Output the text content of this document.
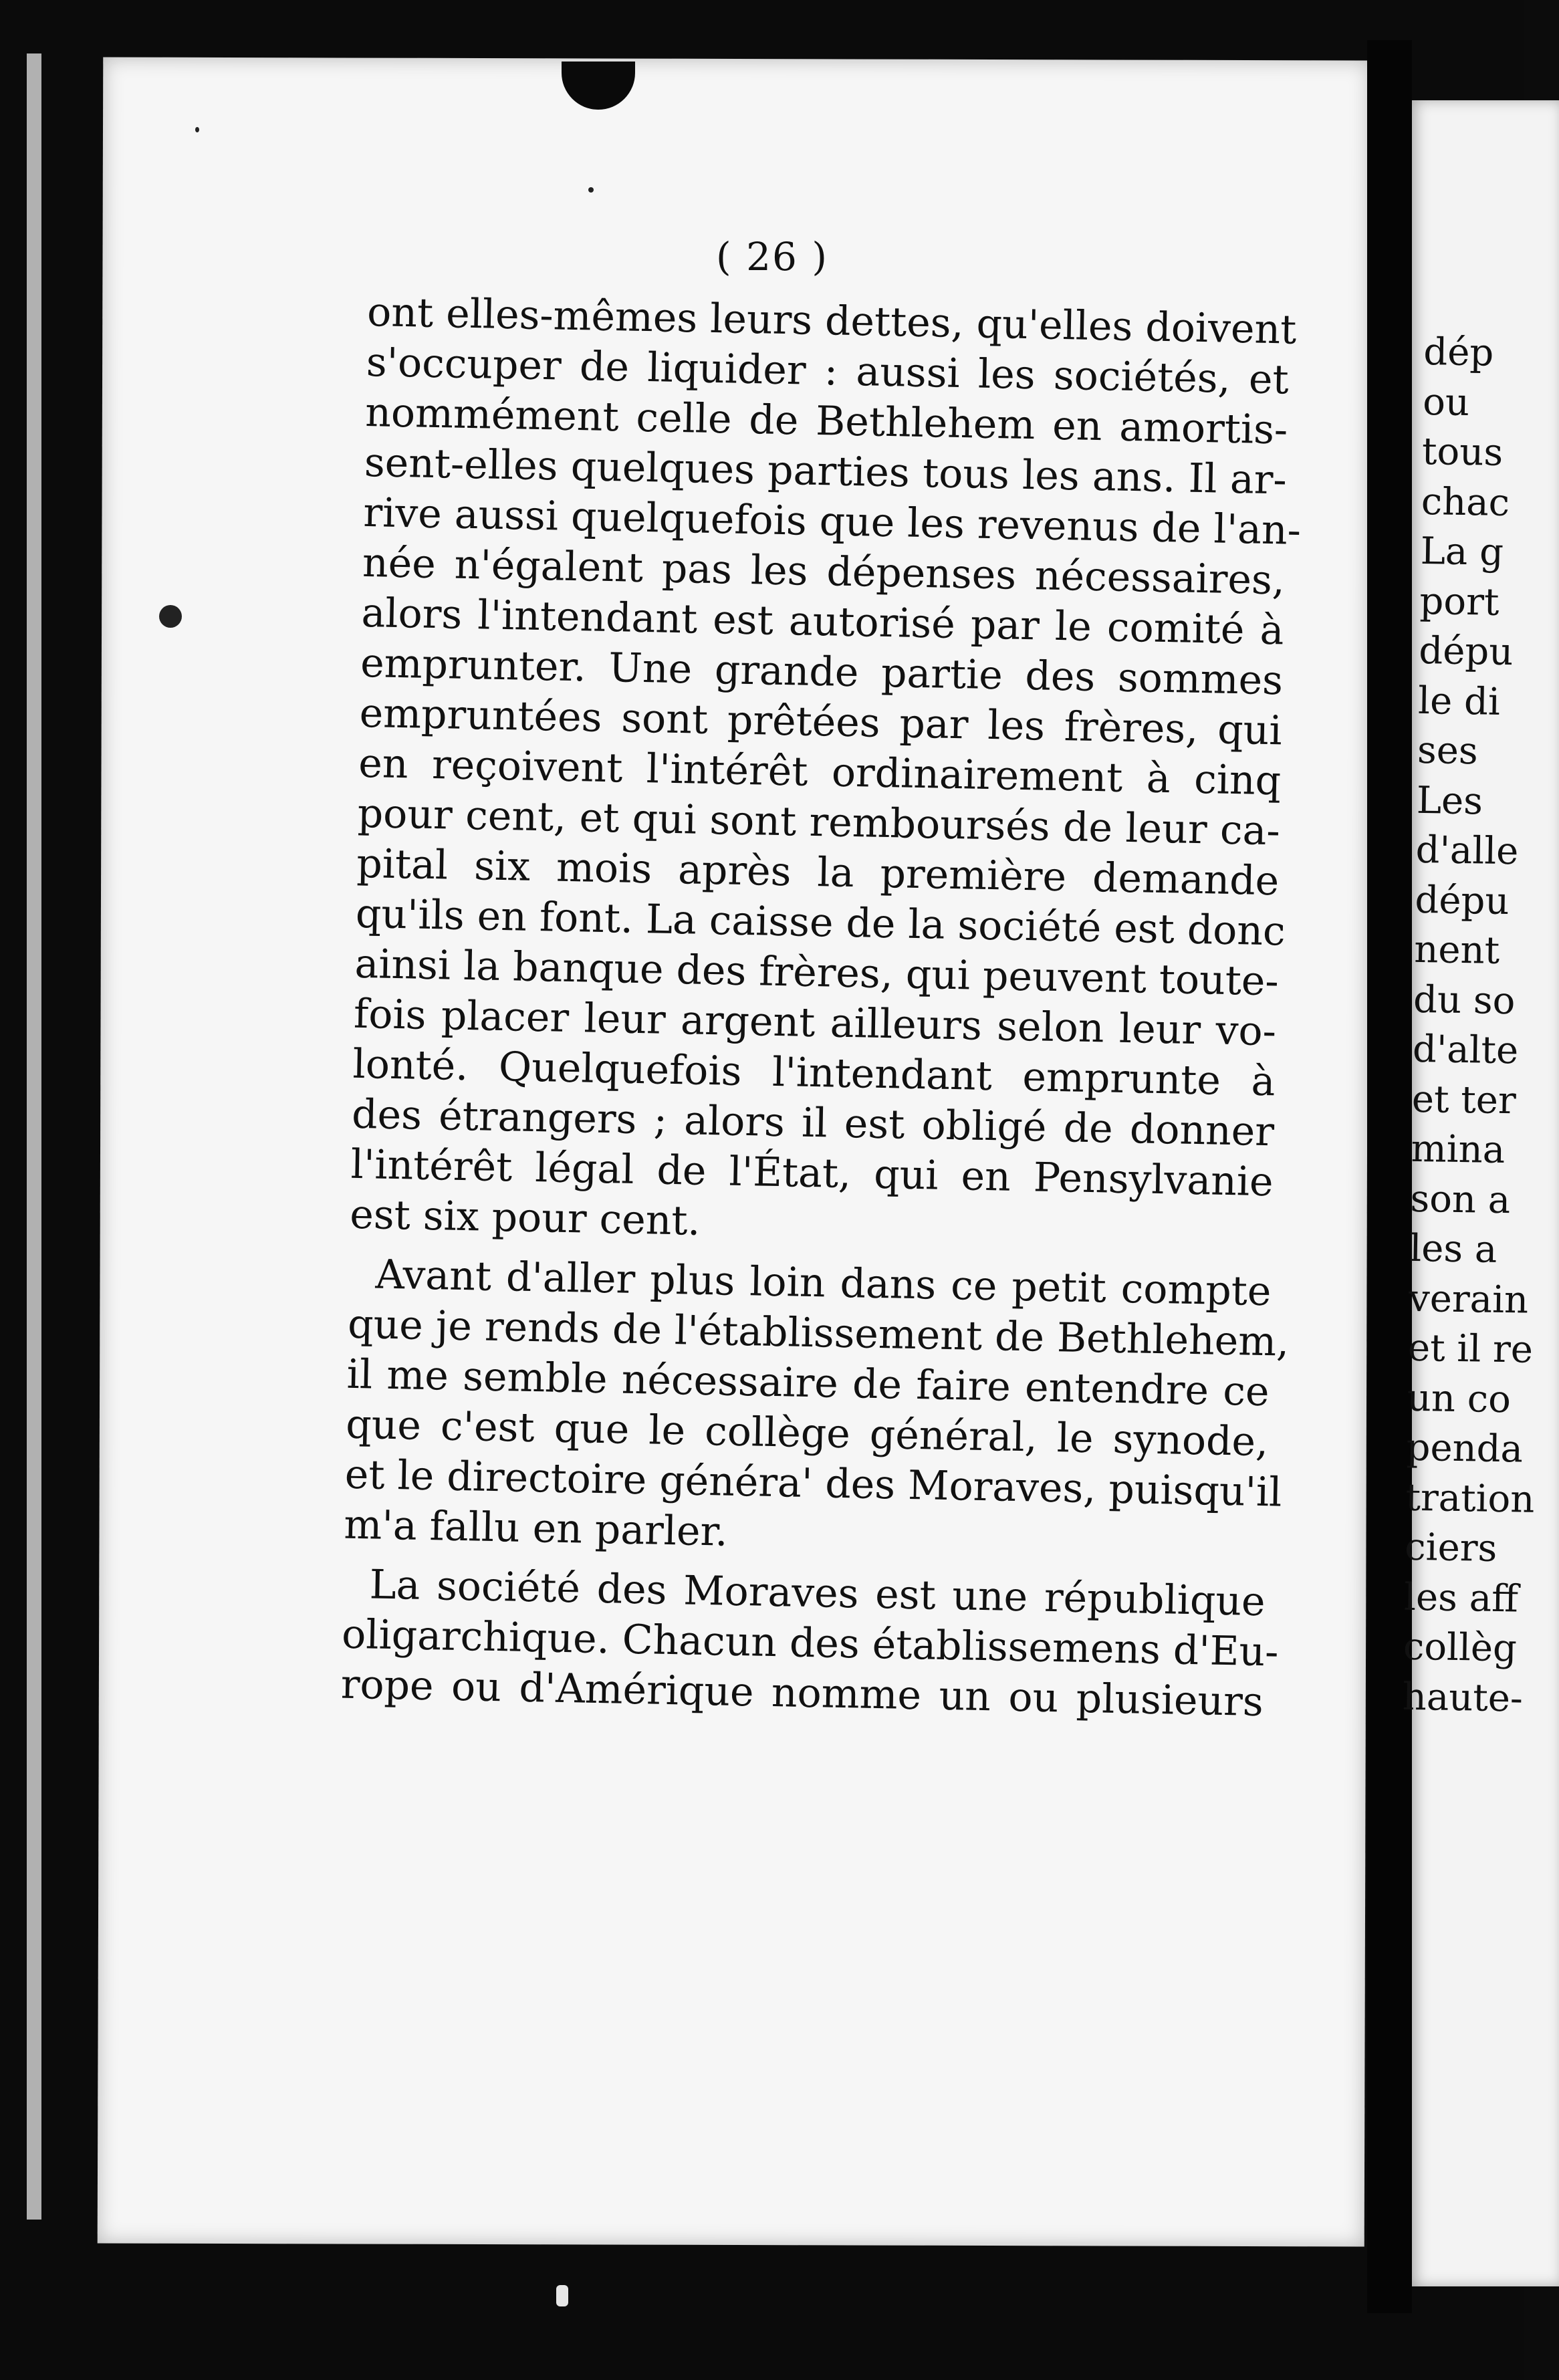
( 26 )
ont elles-mêmes leurs dettes, qu'elles doivent
s'occuper de liquider : aussi les sociétés, et
nommément celle de Bethlehem en amortis-
sent-elles quelques parties tous les ans. Il ar-
rive aussi quelquefois que les revenus de l'an-
née n'égalent pas les dépenses nécessaires,
alors l'intendant est autorisé par le comité à
emprunter. Une grande partie des sommes
empruntées sont prêtées par les frères, qui
en reçoivent l'intérêt ordinairement à cinq
pour cent, et qui sont remboursés de leur ca-
pital six mois après la première demande
qu'ils en font. La caisse de la société est donc
ainsi la banque des frères, qui peuvent toute-
fois placer leur argent ailleurs selon leur vo-
lonté. Quelquefois l'intendant emprunte à
des étrangers ; alors il est obligé de donner
l'intérêt légal de l'État, qui en Pensylvanie
est six pour cent.
Avant d'aller plus loin dans ce petit compte
que je rends de l'établissement de Bethlehem,
il me semble nécessaire de faire entendre ce
que c'est que le collège général, le synode,
et le directoire généra' des Moraves, puisqu'il
m'a fallu en parler.
La société des Moraves est une république
oligarchique. Chacun des établissemens d'Eu-
rope ou d'Amérique nomme un ou plusieurs
dép
ou
tous
chac
La g
port
dépu
le di
ses
Les
d'alle
dépu
nent
du so
d'alte
et ter
mina
son a
les a
verain
et il re
un co
penda
tration
ciers
les aff
collèg
haute-
